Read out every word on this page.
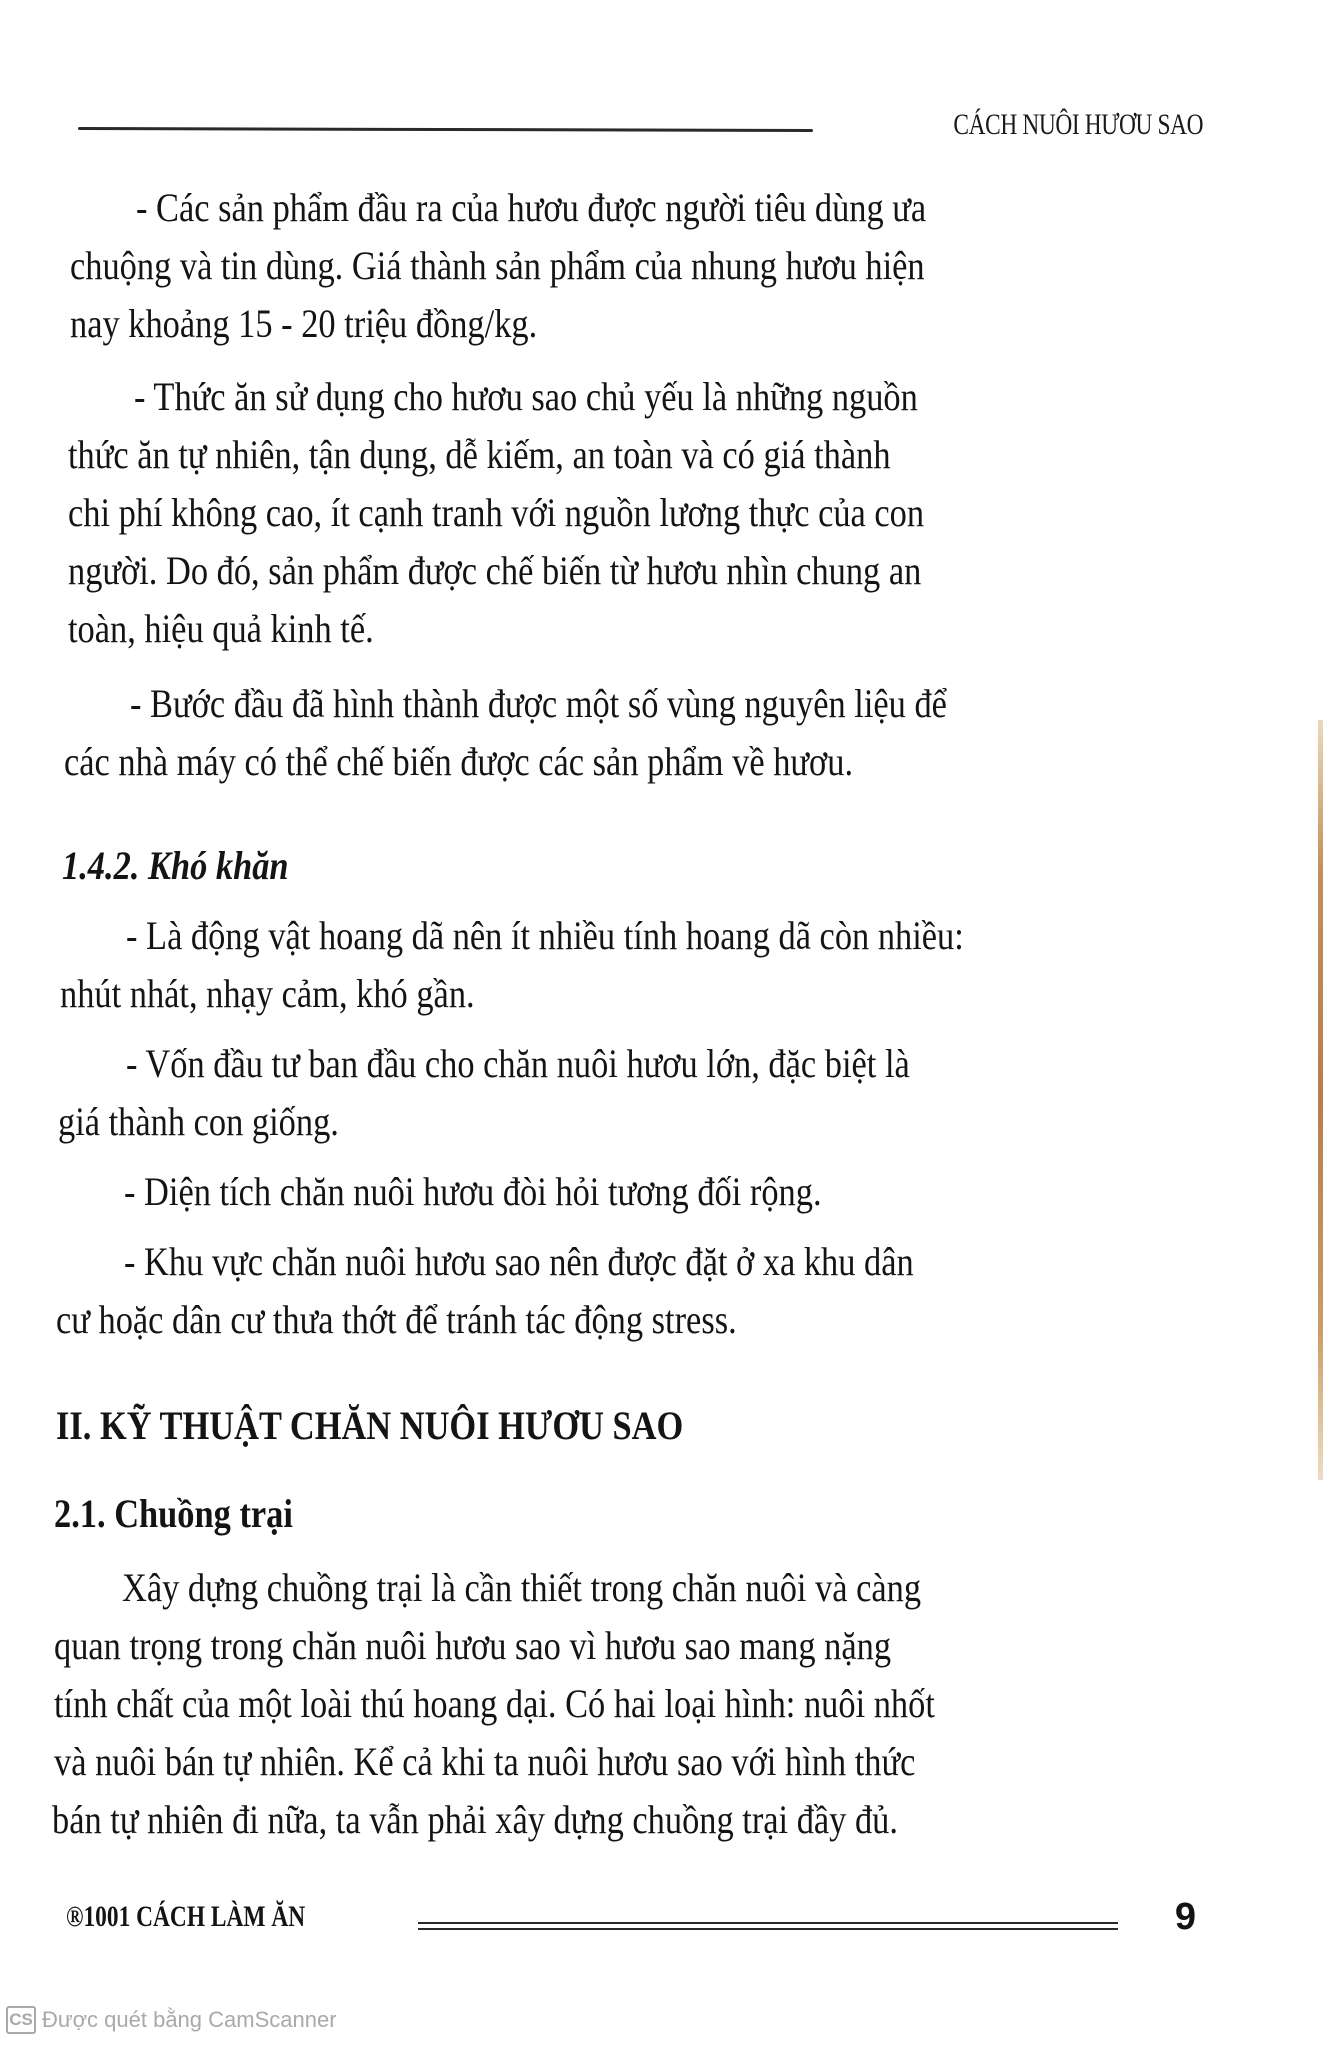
CÁCH NUÔI HƯƠU SAO
- Các sản phẩm đầu ra của hươu được người tiêu dùng ưa
chuộng và tin dùng. Giá thành sản phẩm của nhung hươu hiện
nay khoảng 15 - 20 triệu đồng/kg.
- Thức ăn sử dụng cho hươu sao chủ yếu là những nguồn
thức ăn tự nhiên, tận dụng, dễ kiếm, an toàn và có giá thành
chi phí không cao, ít cạnh tranh với nguồn lương thực của con
người. Do đó, sản phẩm được chế biến từ hươu nhìn chung an
toàn, hiệu quả kinh tế.
- Bước đầu đã hình thành được một số vùng nguyên liệu để
các nhà máy có thể chế biến được các sản phẩm về hươu.
1.4.2. Khó khăn
- Là động vật hoang dã nên ít nhiều tính hoang dã còn nhiều:
nhút nhát, nhạy cảm, khó gần.
- Vốn đầu tư ban đầu cho chăn nuôi hươu lớn, đặc biệt là
giá thành con giống.
- Diện tích chăn nuôi hươu đòi hỏi tương đối rộng.
- Khu vực chăn nuôi hươu sao nên được đặt ở xa khu dân
cư hoặc dân cư thưa thớt để tránh tác động stress.
II. KỸ THUẬT CHĂN NUÔI HƯƠU SAO
2.1. Chuồng trại
Xây dựng chuồng trại là cần thiết trong chăn nuôi và càng
quan trọng trong chăn nuôi hươu sao vì hươu sao mang nặng
tính chất của một loài thú hoang dại. Có hai loại hình: nuôi nhốt
và nuôi bán tự nhiên. Kể cả khi ta nuôi hươu sao với hình thức
bán tự nhiên đi nữa, ta vẫn phải xây dựng chuồng trại đầy đủ.
®1001 CÁCH LÀM ĂN	9
CS Được quét bằng CamScanner
